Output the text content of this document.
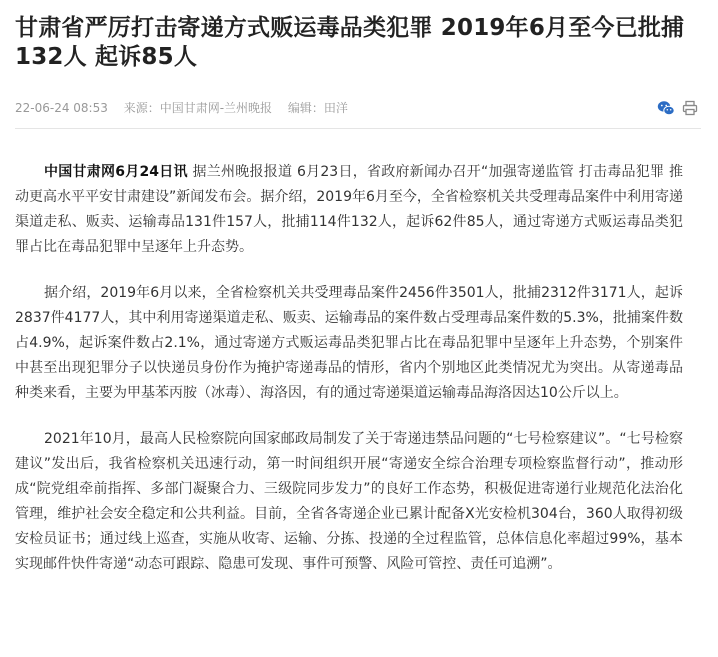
甘肃省严厉打击寄递方式贩运毒品类犯罪 2019年6月至今已批捕132人 起诉85人
22-06-24 08:53 来源：中国甘肃网-兰州晚报 编辑：田洋

中国甘肃网6月24日讯 据兰州晚报报道 6月23日，省政府新闻办召开“加强寄递监管 打击毒品犯罪 推动更高水平平安甘肃建设”新闻发布会。据介绍，2019年6月至今，全省检察机关共受理毒品案件中利用寄递渠道走私、贩卖、运输毒品131件157人，批捕114件132人，起诉62件85人，通过寄递方式贩运毒品类犯罪占比在毒品犯罪中呈逐年上升态势。

据介绍，2019年6月以来，全省检察机关共受理毒品案件2456件3501人，批捕2312件3171人，起诉2837件4177人，其中利用寄递渠道走私、贩卖、运输毒品的案件数占受理毒品案件数的5.3%，批捕案件数占4.9%，起诉案件数占2.1%，通过寄递方式贩运毒品类犯罪占比在毒品犯罪中呈逐年上升态势，个别案件中甚至出现犯罪分子以快递员身份作为掩护寄递毒品的情形，省内个别地区此类情况尤为突出。从寄递毒品种类来看，主要为甲基苯丙胺（冰毒）、海洛因，有的通过寄递渠道运输毒品海洛因达10公斤以上。

2021年10月，最高人民检察院向国家邮政局制发了关于寄递违禁品问题的“七号检察建议”。“七号检察建议”发出后，我省检察机关迅速行动，第一时间组织开展“寄递安全综合治理专项检察监督行动”，推动形成“院党组牵前指挥、多部门凝聚合力、三级院同步发力”的良好工作态势，积极促进寄递行业规范化法治化管理，维护社会安全稳定和公共利益。目前，全省各寄递企业已累计配备X光安检机304台，360人取得初级安检员证书；通过线上巡查，实施从收寄、运输、分拣、投递的全过程监管，总体信息化率超过99%，基本实现邮件快件寄递“动态可跟踪、隐患可发现、事件可预警、风险可管控、责任可追溯”。
